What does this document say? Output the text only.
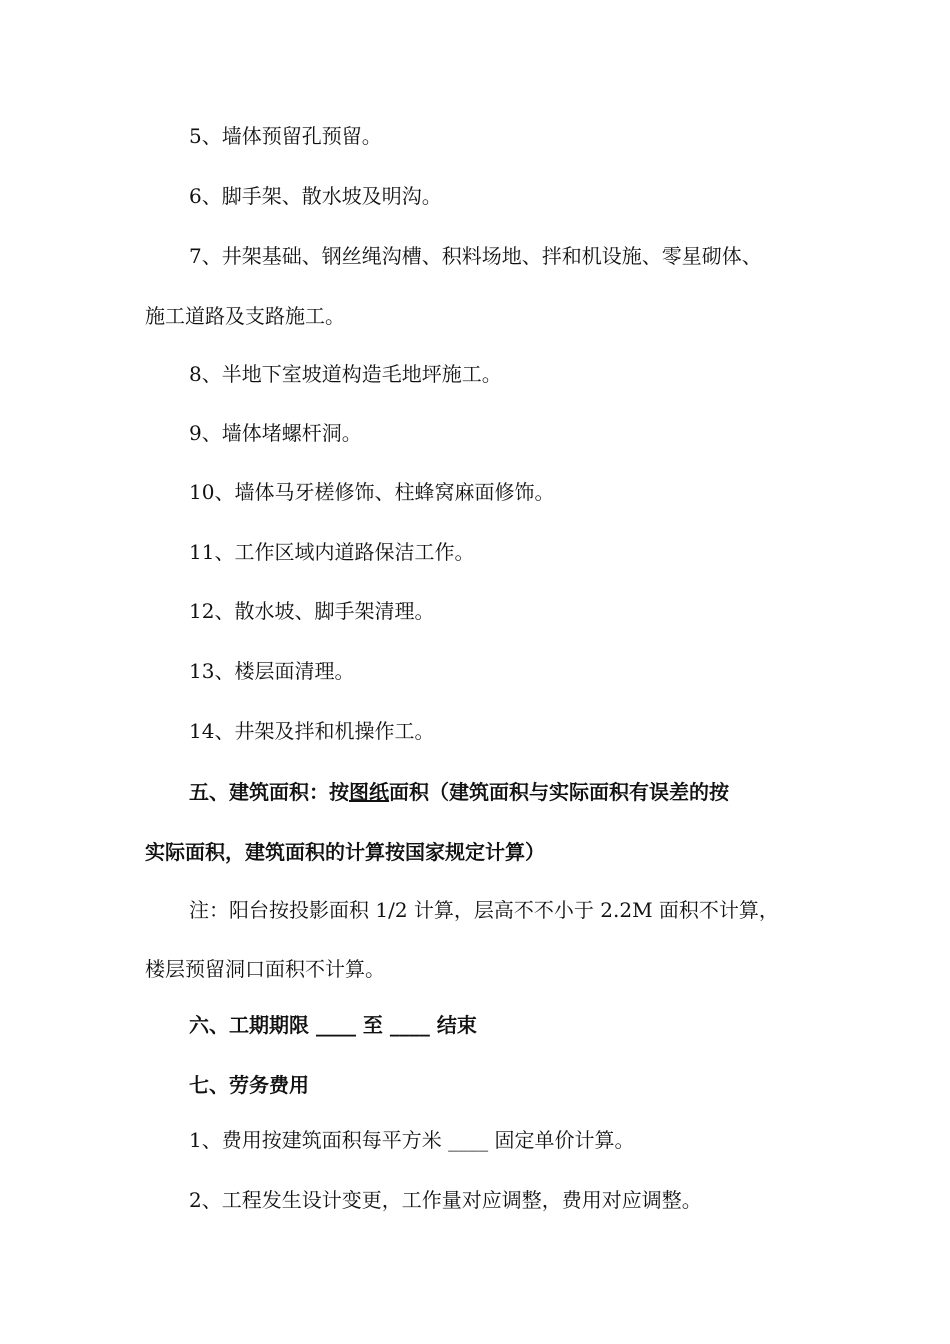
5、墙体预留孔预留。
6、脚手架、散水坡及明沟。
7、井架基础、钢丝绳沟槽、积料场地、拌和机设施、零星砌体、
施工道路及支路施工。
8、半地下室坡道构造毛地坪施工。
9、墙体堵螺杆洞。
10、墙体马牙槎修饰、柱蜂窝麻面修饰。
11、工作区域内道路保洁工作。
12、散水坡、脚手架清理。
13、楼层面清理。
14、井架及拌和机操作工。
五、建筑面积：按图纸面积（建筑面积与实际面积有误差的按
实际面积，建筑面积的计算按国家规定计算）
注：阳台按投影面积 1/2 计算，层高不不小于 2.2M 面积不计算，
楼层预留洞口面积不计算。
六、工期期限 ____ 至 ____ 结束
七、劳务费用
1、费用按建筑面积每平方米 ____ 固定单价计算。
2、工程发生设计变更，工作量对应调整，费用对应调整。
